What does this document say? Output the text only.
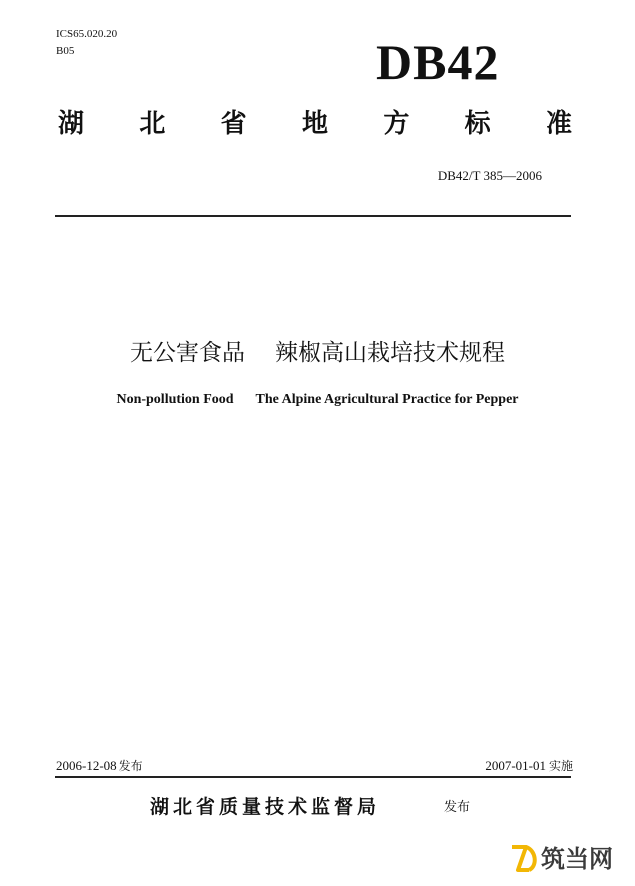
ICS65.020.20
B05	DB42
湖 北 省 地 方 标 准
DB42/T 385—2006
无公害食品 辣椒高山栽培技术规程
Non-pollution Food The Alpine Agricultural Practice for Pepper
2006-12-08 发布	2007-01-01 实施
湖北省质量技术监督局	发布
筑当网
